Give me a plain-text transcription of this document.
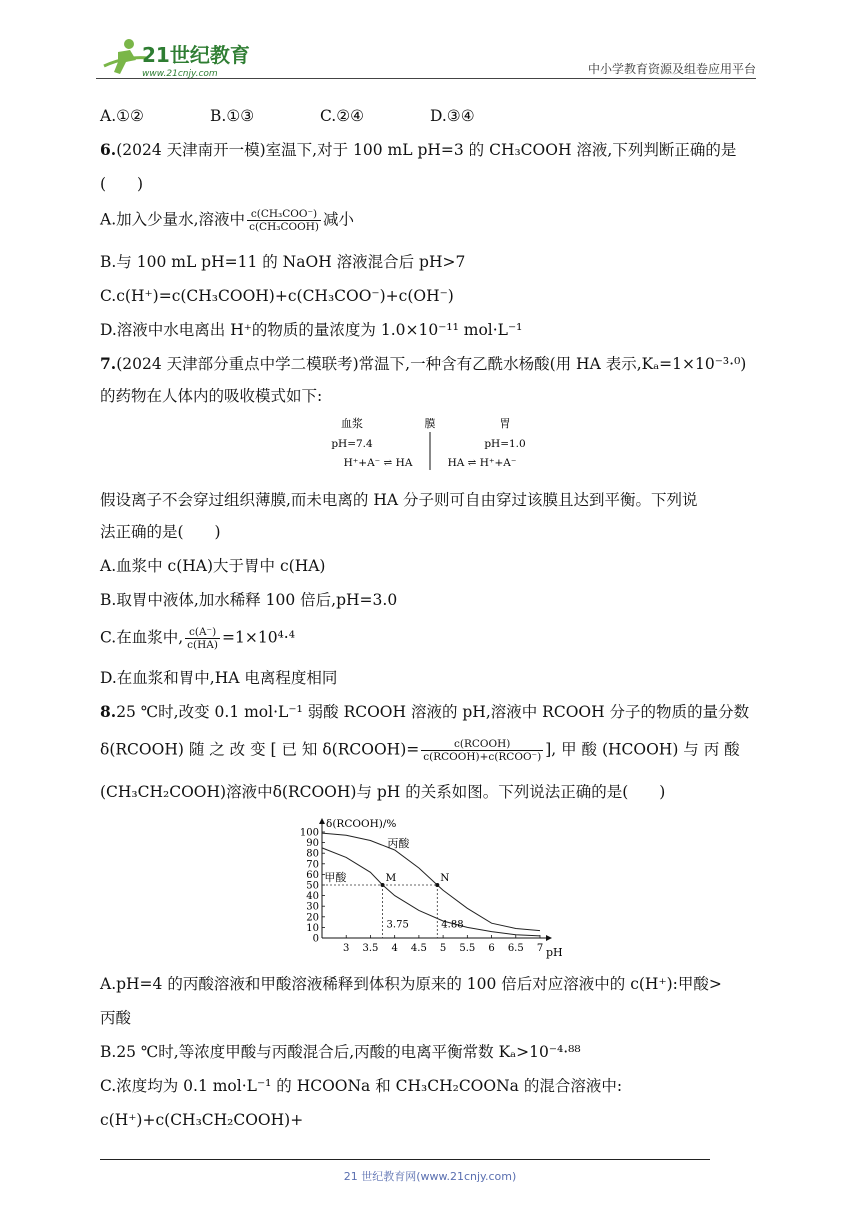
21世纪教育
www.21cnjy.com	中小学教育资源及组卷应用平台
A.①②	B.①③	C.②④	D.③④
6.(2024 天津南开一模)室温下,对于 100 mL pH=3 的 CH₃COOH 溶液,下列判断正确的是
(　　)
A.加入少量水,溶液中 $\frac{\text{c(CH₃COO⁻)}}{\text{c(CH₃COOH)}}$ 减小
B.与 100 mL pH=11 的 NaOH 溶液混合后 pH>7
C.c(H⁺)=c(CH₃COOH)+c(CH₃COO⁻)+c(OH⁻)
D.溶液中水电离出 H⁺的物质的量浓度为 1.0×10⁻¹¹ mol·L⁻¹
7.(2024 天津部分重点中学二模联考)常温下,一种含有乙酰水杨酸(用 HA 表示,Kₐ=1×10⁻³·⁰)
的药物在人体内的吸收模式如下:
血浆	膜	胃
pH=7.4	pH=1.0
H⁺+A⁻ ⇌ HA	HA ⇌ H⁺+A⁻
假设离子不会穿过组织薄膜,而未电离的 HA 分子则可自由穿过该膜且达到平衡。下列说
法正确的是(　　)
A.血浆中 c(HA)大于胃中 c(HA)
B.取胃中液体,加水稀释 100 倍后,pH=3.0
C.在血浆中, $\frac{c(A^-)}{c(HA)} =1\times 10^4\cdot^4$
D.在血浆和胃中,HA 电离程度相同
8.25 ℃时,改变 0.1 mol·L⁻¹ 弱酸 RCOOH 溶液的 pH,溶液中 RCOOH 分子的物质的量分数
δ(RCOOH) 随 之 改 变 [ 已 知 δ(RCOOH)= $\frac{\text{c(RCOOH)}}{\text{c(RCOOH)+c(RCOO⁻)}}$ ], 甲 酸 (HCOOH) 与 丙 酸
(CH₃CH₂COOH)溶液中δ(RCOOH)与 pH 的关系如图。下列说法正确的是(　　)
δ(RCOOH)/%
pH
0
10
20
30
40
50
60
70
80
90
100
3 3.5 4 4.5 5 5.5 6 6.5 7
丙酸
甲酸	M
3.75
N
4.88
A.pH=4 的丙酸溶液和甲酸溶液稀释到体积为原来的 100 倍后对应溶液中的 c(H⁺):甲酸>
丙酸
B.25 ℃时,等浓度甲酸与丙酸混合后,丙酸的电离平衡常数 Kₐ>10⁻⁴·⁸⁸
C.浓度均为 0.1 mol·L⁻¹ 的 HCOONa 和 CH₃CH₂COONa 的混合溶液中:
c(H⁺)+c(CH₃CH₂COOH)+
21 世纪教育网(www.21cnjy.com)
